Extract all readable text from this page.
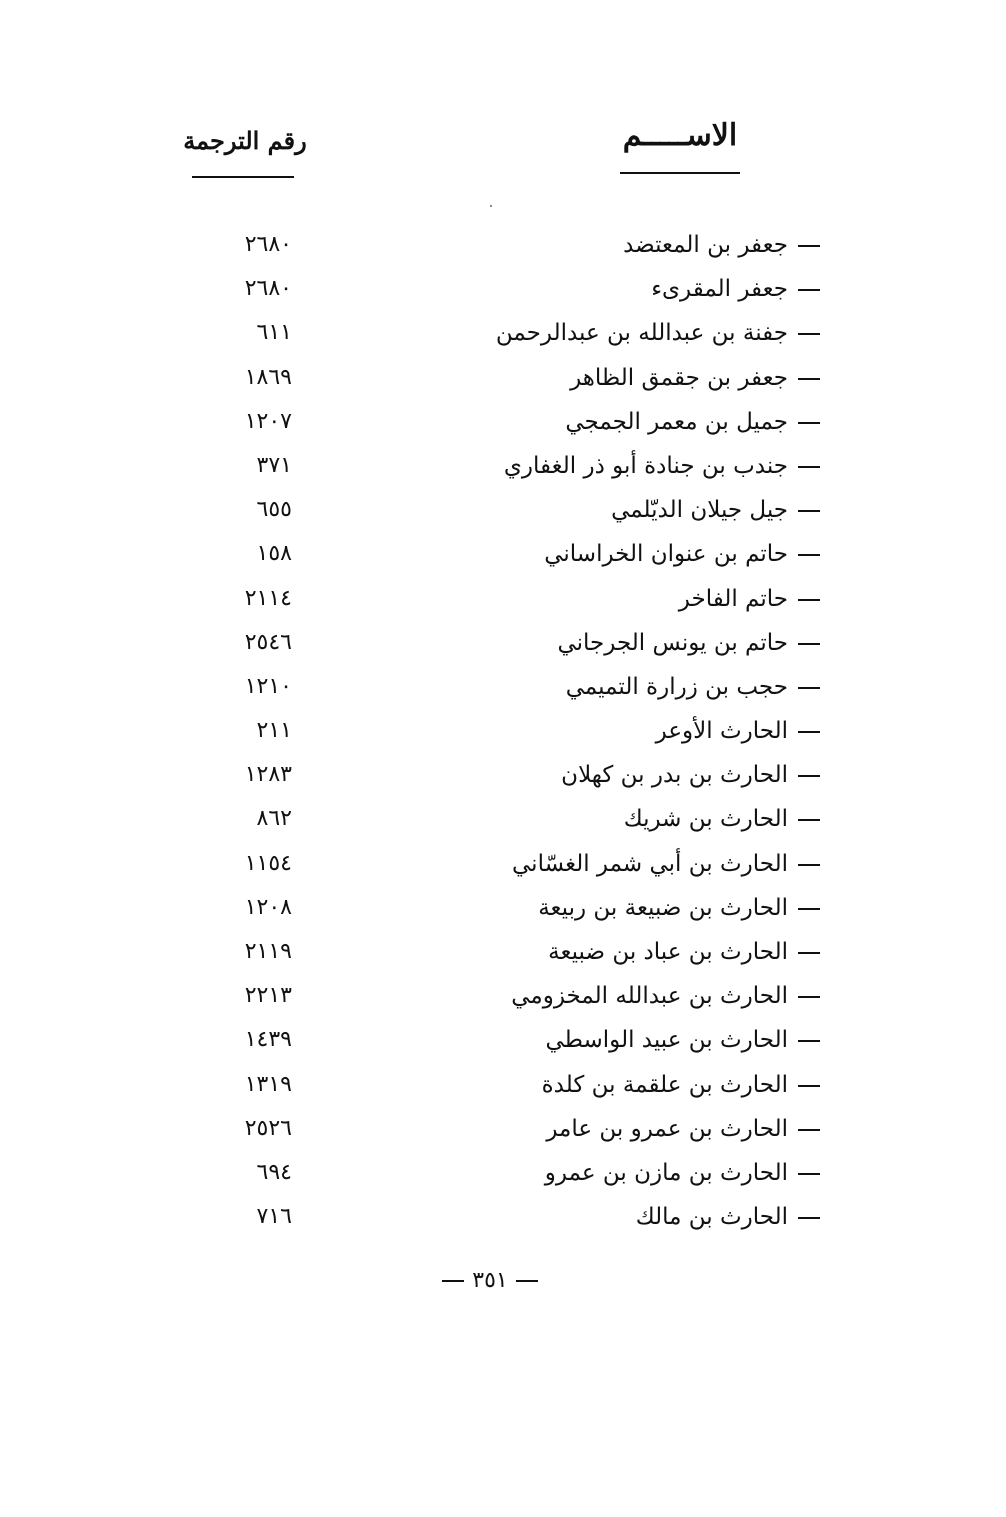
الاســـــم
رقم الترجمة
جعفر بن المعتضد
٢٦٨٠
جعفر المقرىء
٢٦٨٠
جفنة بن عبدالله بن عبدالرحمن
٦١١
جعفر بن جقمق الظاهر
١٨٦٩
جميل بن معمر الجمجي
١٢٠٧
جندب بن جنادة أبو ذر الغفاري
٣٧١
جيل جيلان الديّلمي
٦٥٥
حاتم بن عنوان الخراساني
١٥٨
حاتم الفاخر
٢١١٤
حاتم بن يونس الجرجاني
٢٥٤٦
حجب بن زرارة التميمي
١٢١٠
الحارث الأوعر
٢١١
الحارث بن بدر بن كهلان
١٢٨٣
الحارث بن شريك
٨٦٢
الحارث بن أبي شمر الغسّاني
١١٥٤
الحارث بن ضبيعة بن ربيعة
١٢٠٨
الحارث بن عباد بن ضبيعة
٢١١٩
الحارث بن عبدالله المخزومي
٢٢١٣
الحارث بن عبيد الواسطي
١٤٣٩
الحارث بن علقمة بن كلدة
١٣١٩
الحارث بن عمرو بن عامر
٢٥٢٦
الحارث بن مازن بن عمرو
٦٩٤
الحارث بن مالك
٧١٦
٣٥١
